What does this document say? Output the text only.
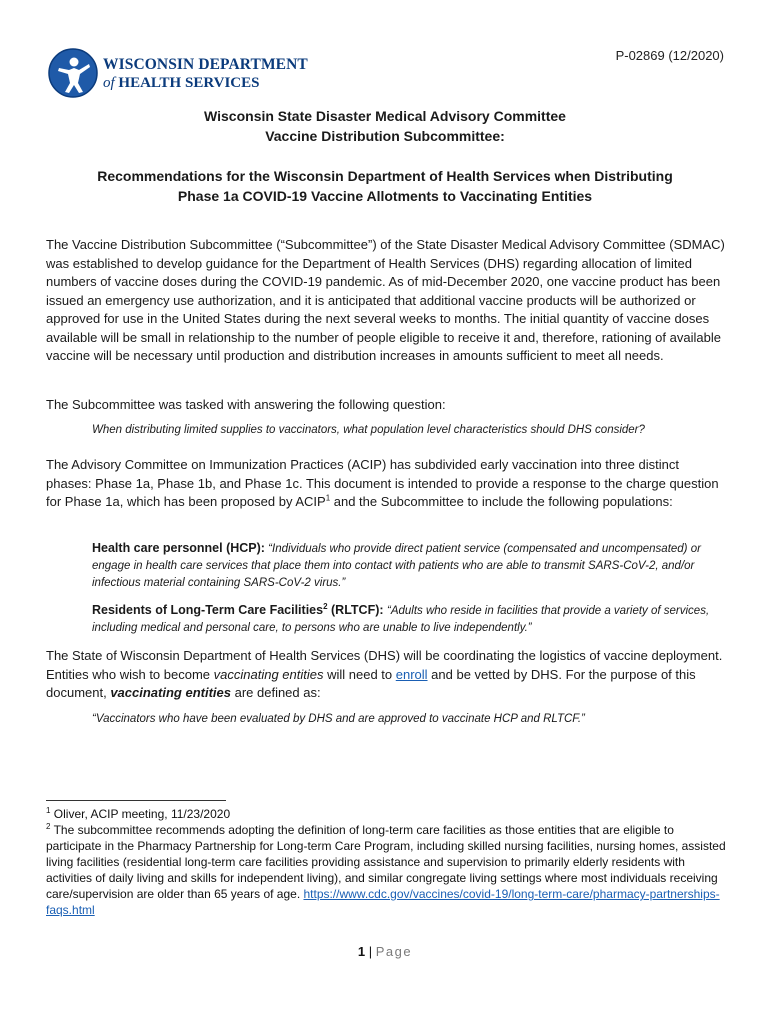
WISCONSIN DEPARTMENT
of HEALTH SERVICES
P-02869 (12/2020)
Wisconsin State Disaster Medical Advisory Committee
Vaccine Distribution Subcommittee:
Recommendations for the Wisconsin Department of Health Services when Distributing
Phase 1a COVID-19 Vaccine Allotments to Vaccinating Entities
The Vaccine Distribution Subcommittee (“Subcommittee”) of the State Disaster Medical Advisory Committee (SDMAC) was established to develop guidance for the Department of Health Services (DHS) regarding allocation of limited numbers of vaccine doses during the COVID-19 pandemic. As of mid-December 2020, one vaccine product has been issued an emergency use authorization, and it is anticipated that additional vaccine products will be authorized or approved for use in the United States during the next several weeks to months. The initial quantity of vaccine doses available will be small in relationship to the number of people eligible to receive it and, therefore, rationing of available vaccine will be necessary until production and distribution increases in amounts sufficient to meet all needs.
The Subcommittee was tasked with answering the following question:
When distributing limited supplies to vaccinators, what population level characteristics should DHS consider?
The Advisory Committee on Immunization Practices (ACIP) has subdivided early vaccination into three distinct phases: Phase 1a, Phase 1b, and Phase 1c. This document is intended to provide a response to the charge question for Phase 1a, which has been proposed by ACIP$^1$ and the Subcommittee to include the following populations:
Health care personnel (HCP): “Individuals who provide direct patient service (compensated and uncompensated) or engage in health care services that place them into contact with patients who are able to transmit SARS-CoV-2, and/or infectious material containing SARS-CoV-2 virus.”
Residents of Long-Term Care Facilities$^2$ (RLTCF): “Adults who reside in facilities that provide a variety of services, including medical and personal care, to persons who are unable to live independently.”
The State of Wisconsin Department of Health Services (DHS) will be coordinating the logistics of vaccine deployment. Entities who wish to become vaccinating entities will need to enroll and be vetted by DHS. For the purpose of this document, vaccinating entities are defined as:
“Vaccinators who have been evaluated by DHS and are approved to vaccinate HCP and RLTCF.”

$^1$ Oliver, ACIP meeting, 11/23/2020

$^2$ The subcommittee recommends adopting the definition of long-term care facilities as those entities that are eligible to participate in the Pharmacy Partnership for Long-term Care Program, including skilled nursing facilities, nursing homes, assisted living facilities (residential long-term care facilities providing assistance and supervision to primarily elderly residents with activities of daily living and skills for independent living), and similar congregate living settings where most individuals receiving care/supervision are older than 65 years of age. https://www.cdc.gov/vaccines/covid-19/long-term-care/pharmacy-partnerships-faqs.html

1 | Page
